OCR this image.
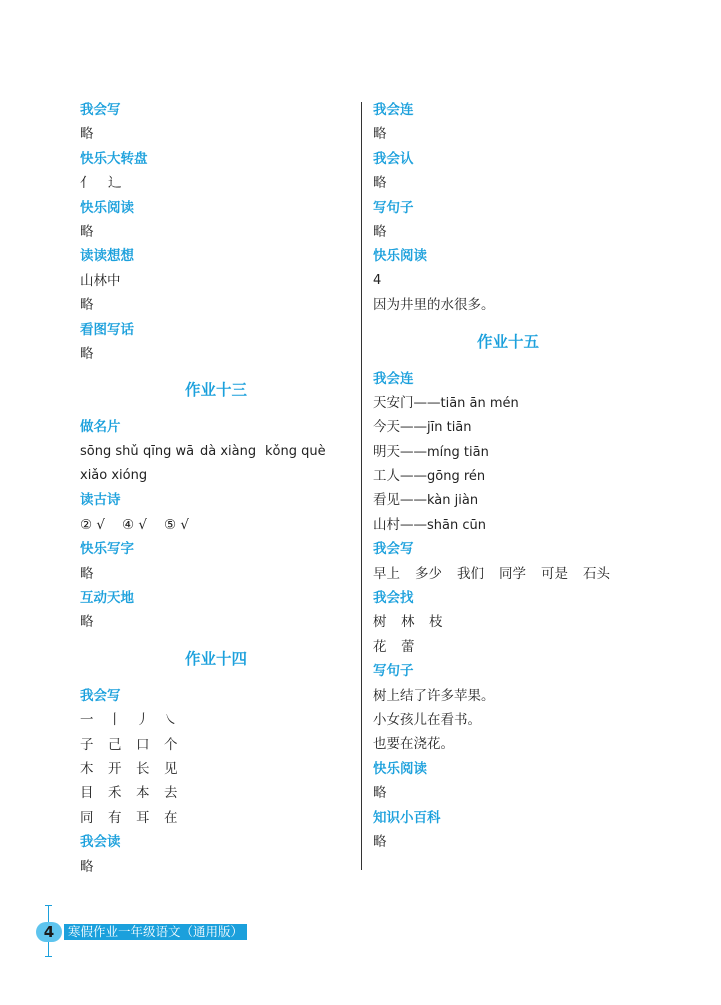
我会写
略
快乐大转盘
亻 辶
快乐阅读
略
读读想想
山林中
略
看图写话
略
作业十三
做名片
sōng shǔ qīng wā dà xiàng kǒng què
xiǎo xióng
读古诗
② √ ④ √ ⑤ √
快乐写字
略
互动天地
略
作业十四
我会写
一 丨 丿 ㇏
子 己 口 个
木 开 长 见
目 禾 本 去
同 有 耳 在
我会读
略
我会连
略
我会认
略
写句子
略
快乐阅读
4
因为井里的水很多。
作业十五
我会连
天安门——tiān ān mén
今天——jīn tiān
明天——míng tiān
工人——gōng rén
看见——kàn jiàn
山村——shān cūn
我会写
早上 多少 我们 同学 可是 石头
我会找
树 林 枝
花 蕾
写句子
树上结了许多苹果。
小女孩儿在看书。
也要在浇花。
快乐阅读
略
知识小百科
略
4	寒假作业一年级语文（通用版）
